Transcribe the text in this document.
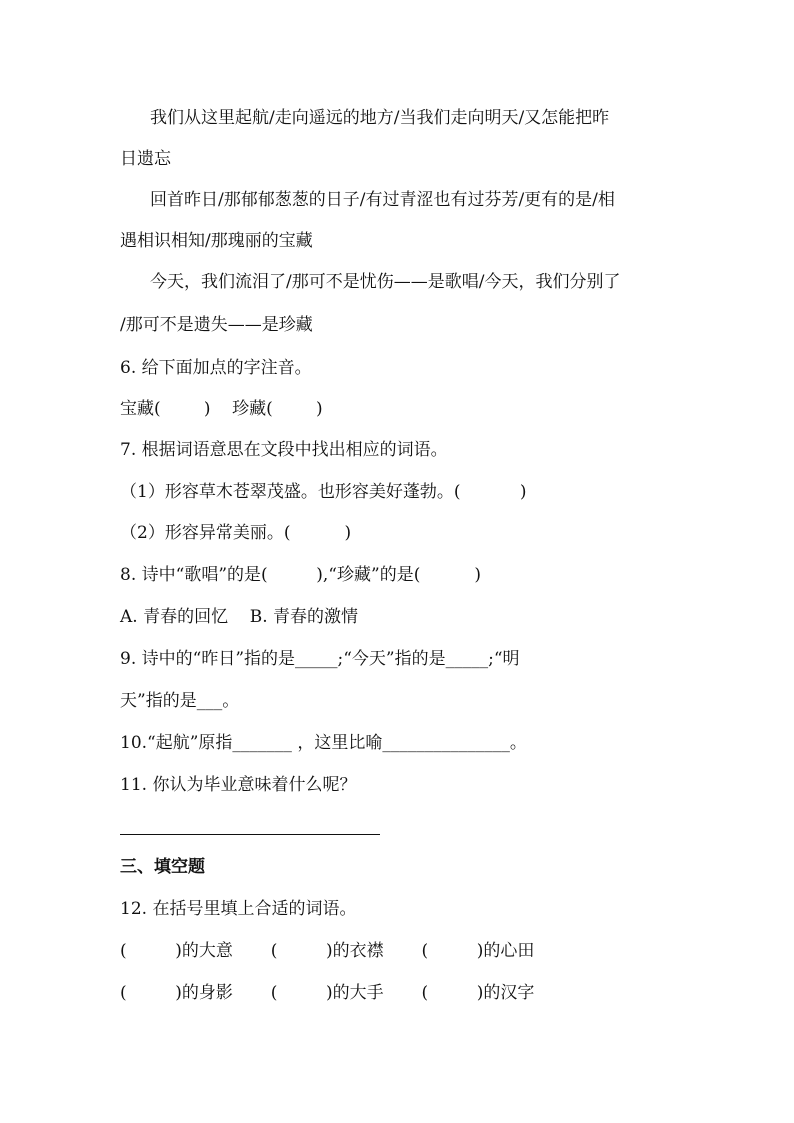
我们从这里起航/走向遥远的地方/当我们走向明天/又怎能把昨
日遗忘
回首昨日/那郁郁葱葱的日子/有过青涩也有过芬芳/更有的是/相
遇相识相知/那瑰丽的宝藏
今天，我们流泪了/那可不是忧伤——是歌唱/今天，我们分别了
/那可不是遗失——是珍藏
6. 给下面加点的字注音。
宝藏(        )    珍藏(        )
7. 根据词语意思在文段中找出相应的词语。
（1）形容草木苍翠茂盛。也形容美好蓬勃。(           )
（2）形容异常美丽。(          )
8. 诗中“歌唱”的是(         ),“珍藏”的是(          )
A. 青春的回忆    B. 青春的激情
9. 诗中的“昨日”指的是_____;“今天”指的是_____;“明
天”指的是___。
10.“起航”原指_______ ，这里比喻_______________。
11. 你认为毕业意味着什么呢？
三、填空题
12. 在括号里填上合适的词语。
(         )的大意       (         )的衣襟       (         )的心田
(         )的身影       (         )的大手       (         )的汉字
